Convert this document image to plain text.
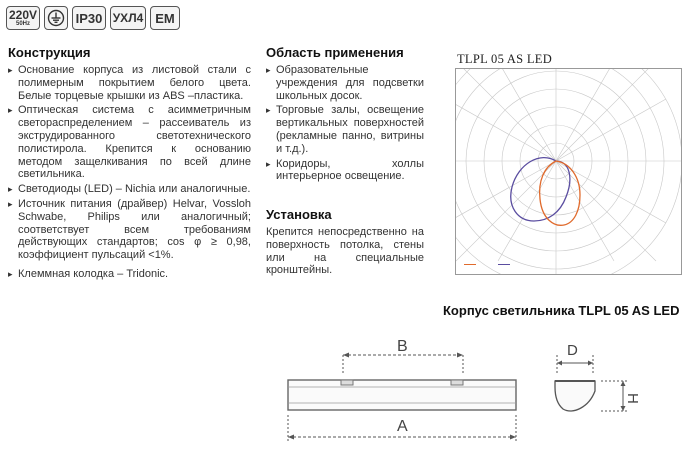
220V
50Hz	IP30 УХЛ4 EM
Конструкция
▸ Основание корпуса из листовой стали с полимерным покрытием белого цвета. Белые торцевые крышки из ABS –пластика.
▸ Оптическая система с асимметричным светораспределением – рассеиватель из экструдированного светотехнического полистирола. Крепится к основанию методом защелкивания по всей длине светильника.
▸ Светодиоды (LED) – Nichia или аналогичные.
▸ Источник питания (драйвер) Helvar, Vossloh Schwabe, Philips или аналогичный; соответствует всем требованиям действующих стандартов; cos φ ≥ 0,98, коэффициент пульсаций <1%.
▸ Клеммная колодка – Tridonic.
Область применения
▸ Образовательные учреждения для подсветки школьных досок.
▸ Торговые залы, освещение вертикальных поверхностей (рекламные панно, витрины и т.д.).
▸ Коридоры, холлы интерьерное освещение.
Установка

Крепится непосредственно на поверхность потолка, стены или на специальные кронштейны.

TLPL 05 AS LED
Корпус светильника TLPL 05 AS LED
B
A
D
H
